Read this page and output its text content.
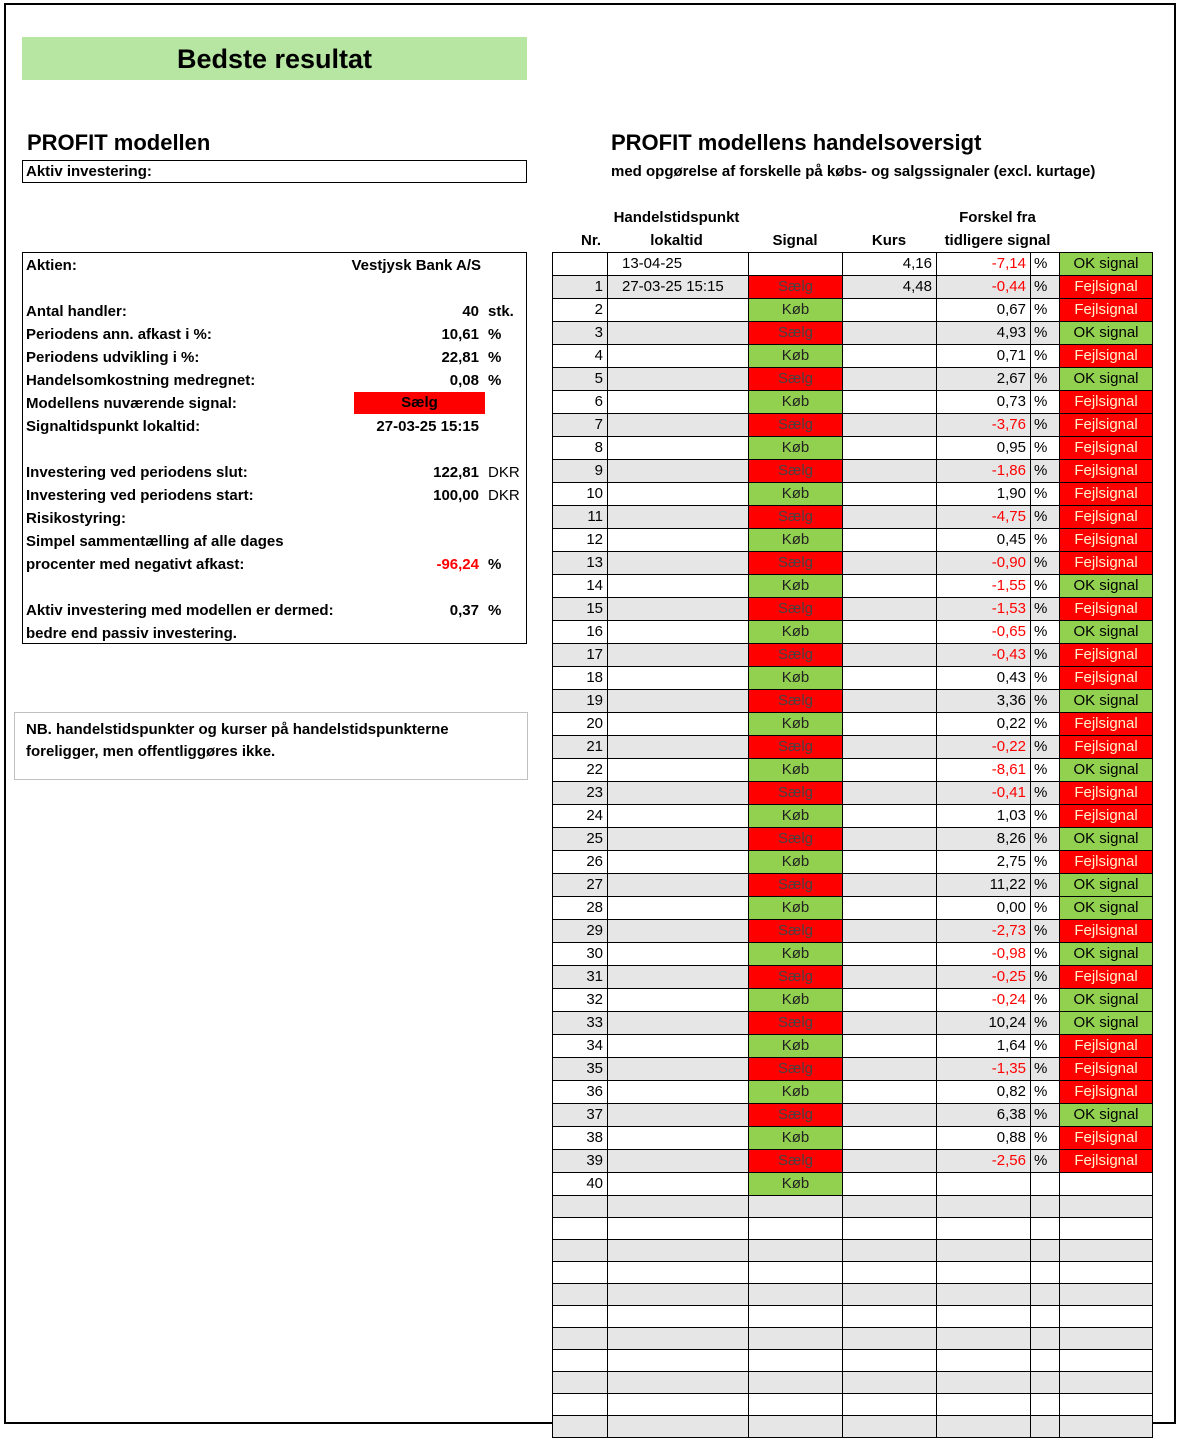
Bedste resultat
PROFIT modellen
Aktiv investering:
PROFIT modellens handelsoversigt
med opgørelse af forskelle på købs- og salgssignaler (excl. kurtage)
Aktien:	Vestjysk Bank A/S
Antal handler:	40 stk.
Periodens ann. afkast i %:	10,61 %
Periodens udvikling i %:	22,81 %
Handelsomkostning medregnet:	0,08 %
Modellens nuværende signal:	Sælg
Signaltidspunkt lokaltid:	27-03-25 15:15
Investering ved periodens slut:	122,81 DKR
Investering ved periodens start:	100,00 DKR
Risikostyring:
Simpel sammentælling af alle dages
procenter med negativt afkast:	-96,24 %
Aktiv investering med modellen er dermed:	0,37 %
bedre end passiv investering.
NB. handelstidspunkter og kurser på handelstidspunkterne
foreligger, men offentliggøres ikke.
Nr.
Handelstidspunkt
lokaltid	Signal	Kurs
Forskel fra
tidligere signal
	13-04-25		4,16	-7,14	%	OK signal
1	27-03-25 15:15	Sælg	4,48	-0,44	%	Fejlsignal
2		Køb		0,67	%	Fejlsignal
3		Sælg		4,93	%	OK signal
4		Køb		0,71	%	Fejlsignal
5		Sælg		2,67	%	OK signal
6		Køb		0,73	%	Fejlsignal
7		Sælg		-3,76	%	Fejlsignal
8		Køb		0,95	%	Fejlsignal
9		Sælg		-1,86	%	Fejlsignal
10		Køb		1,90	%	Fejlsignal
11		Sælg		-4,75	%	Fejlsignal
12		Køb		0,45	%	Fejlsignal
13		Sælg		-0,90	%	Fejlsignal
14		Køb		-1,55	%	OK signal
15		Sælg		-1,53	%	Fejlsignal
16		Køb		-0,65	%	OK signal
17		Sælg		-0,43	%	Fejlsignal
18		Køb		0,43	%	Fejlsignal
19		Sælg		3,36	%	OK signal
20		Køb		0,22	%	Fejlsignal
21		Sælg		-0,22	%	Fejlsignal
22		Køb		-8,61	%	OK signal
23		Sælg		-0,41	%	Fejlsignal
24		Køb		1,03	%	Fejlsignal
25		Sælg		8,26	%	OK signal
26		Køb		2,75	%	Fejlsignal
27		Sælg		11,22	%	OK signal
28		Køb		0,00	%	OK signal
29		Sælg		-2,73	%	Fejlsignal
30		Køb		-0,98	%	OK signal
31		Sælg		-0,25	%	Fejlsignal
32		Køb		-0,24	%	OK signal
33		Sælg		10,24	%	OK signal
34		Køb		1,64	%	Fejlsignal
35		Sælg		-1,35	%	Fejlsignal
36		Køb		0,82	%	Fejlsignal
37		Sælg		6,38	%	OK signal
38		Køb		0,88	%	Fejlsignal
39		Sælg		-2,56	%	Fejlsignal
40		Køb				
